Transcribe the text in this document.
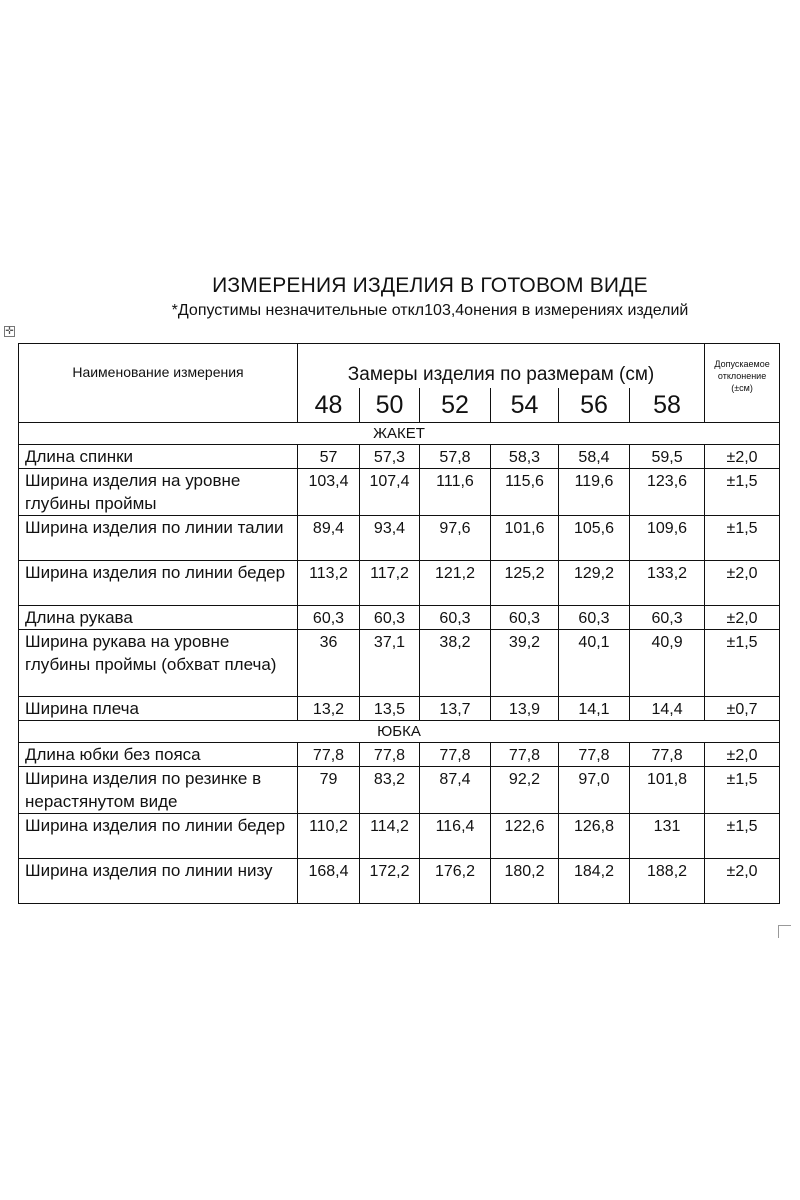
ИЗМЕРЕНИЯ ИЗДЕЛИЯ В ГОТОВОМ ВИДЕ
*Допустимы незначительные откл103,4онения в измерениях изделий
✛
Наименование измерения	Замеры изделия по размерам (см)						Допускаемое
отклонение
(±см)
	48	50	52	54	56	58	
ЖАКЕТ							
Длина спинки	57	57,3	57,8	58,3	58,4	59,5	±2,0
Ширина изделия на уровне глубины проймы	103,4	107,4	111,6	115,6	119,6	123,6	±1,5
Ширина изделия по линии талии	89,4	93,4	97,6	101,6	105,6	109,6	±1,5
Ширина изделия по линии бедер	113,2	117,2	121,2	125,2	129,2	133,2	±2,0
Длина рукава	60,3	60,3	60,3	60,3	60,3	60,3	±2,0
Ширина рукава на уровне глубины проймы (обхват плеча)	36	37,1	38,2	39,2	40,1	40,9	±1,5
Ширина плеча	13,2	13,5	13,7	13,9	14,1	14,4	±0,7
ЮБКА							
Длина юбки без пояса	77,8	77,8	77,8	77,8	77,8	77,8	±2,0
Ширина изделия по резинке в нерастянутом виде	79	83,2	87,4	92,2	97,0	101,8	±1,5
Ширина изделия по линии бедер	110,2	114,2	116,4	122,6	126,8	131	±1,5
Ширина изделия по линии низу	168,4	172,2	176,2	180,2	184,2	188,2	±2,0
